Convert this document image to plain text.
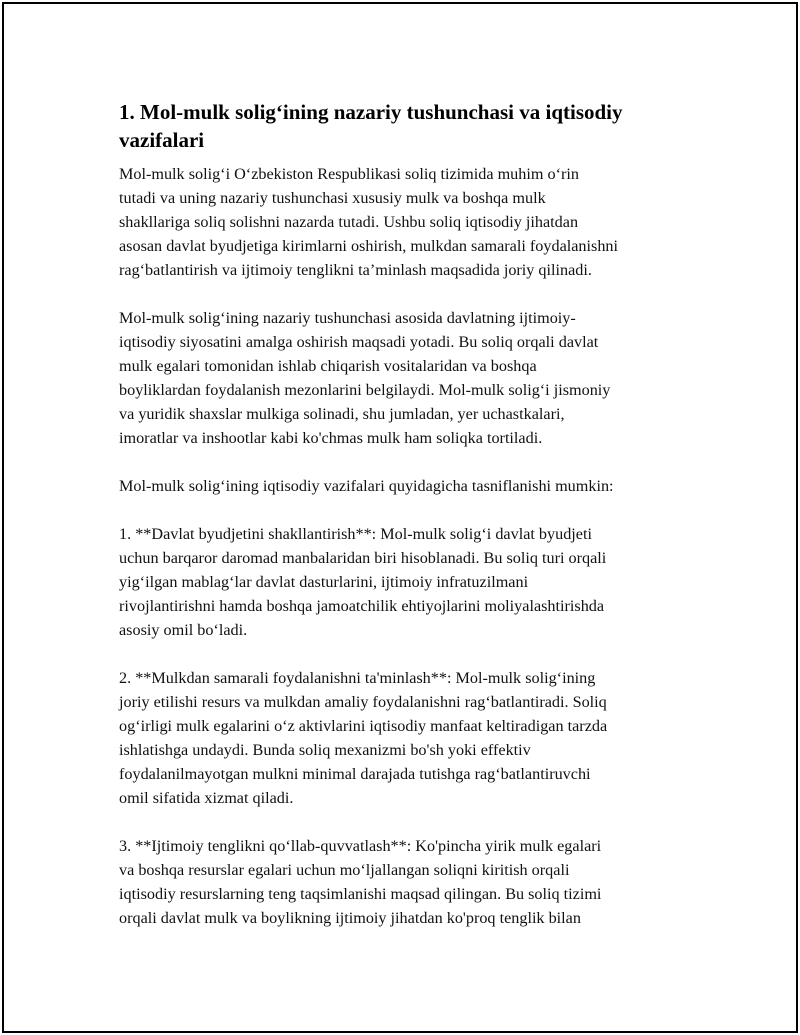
1. Mol-mulk solig‘ining nazariy tushunchasi va iqtisodiy
vazifalari

Mol-mulk solig‘i O‘zbekiston Respublikasi soliq tizimida muhim o‘rin
tutadi va uning nazariy tushunchasi xususiy mulk va boshqa mulk
shakllariga soliq solishni nazarda tutadi. Ushbu soliq iqtisodiy jihatdan
asosan davlat byudjetiga kirimlarni oshirish, mulkdan samarali foydalanishni
rag‘batlantirish va ijtimoiy tenglikni ta’minlash maqsadida joriy qilinadi.

Mol-mulk solig‘ining nazariy tushunchasi asosida davlatning ijtimoiy-
iqtisodiy siyosatini amalga oshirish maqsadi yotadi. Bu soliq orqali davlat
mulk egalari tomonidan ishlab chiqarish vositalaridan va boshqa
boyliklardan foydalanish mezonlarini belgilaydi. Mol-mulk solig‘i jismoniy
va yuridik shaxslar mulkiga solinadi, shu jumladan, yer uchastkalari,
imoratlar va inshootlar kabi ko'chmas mulk ham soliqka tortiladi.

Mol-mulk solig‘ining iqtisodiy vazifalari quyidagicha tasniflanishi mumkin:

1. **Davlat byudjetini shakllantirish**: Mol-mulk solig‘i davlat byudjeti
uchun barqaror daromad manbalaridan biri hisoblanadi. Bu soliq turi orqali
yig‘ilgan mablag‘lar davlat dasturlarini, ijtimoiy infratuzilmani
rivojlantirishni hamda boshqa jamoatchilik ehtiyojlarini moliyalashtirishda
asosiy omil bo‘ladi.

2. **Mulkdan samarali foydalanishni ta'minlash**: Mol-mulk solig‘ining
joriy etilishi resurs va mulkdan amaliy foydalanishni rag‘batlantiradi. Soliq
og‘irligi mulk egalarini o‘z aktivlarini iqtisodiy manfaat keltiradigan tarzda
ishlatishga undaydi. Bunda soliq mexanizmi bo'sh yoki effektiv
foydalanilmayotgan mulkni minimal darajada tutishga rag‘batlantiruvchi
omil sifatida xizmat qiladi.

3. **Ijtimoiy tenglikni qo‘llab-quvvatlash**: Ko'pincha yirik mulk egalari
va boshqa resurslar egalari uchun mo‘ljallangan soliqni kiritish orqali
iqtisodiy resurslarning teng taqsimlanishi maqsad qilingan. Bu soliq tizimi
orqali davlat mulk va boylikning ijtimoiy jihatdan ko'proq tenglik bilan
